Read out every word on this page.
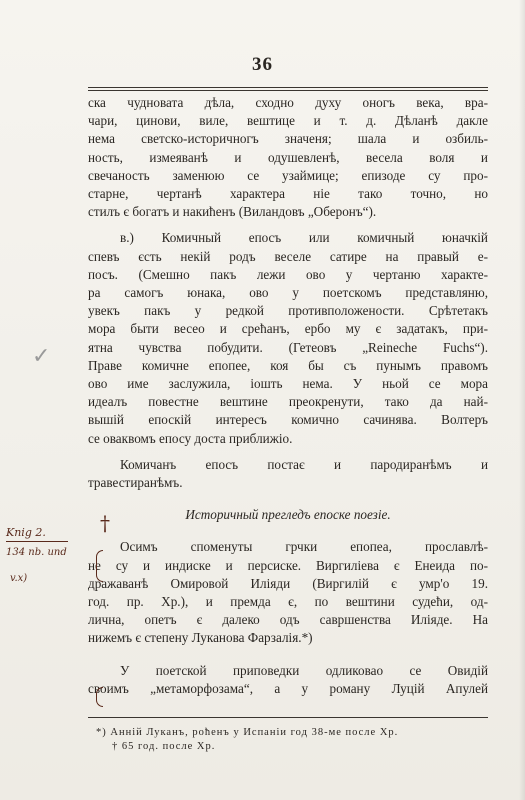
36

ска чудновата дѣла, сходно духу оногъ века, вра-
чари, цинови, виле, вештице и т. д. Дѣланѣ дакле
нема светско-историчногъ значеня; шала и озбиль-
ность, измеяванѣ и одушевленѣ, весела воля и
свечаность заменюю се узаймице; епизоде су про-
старне, чертанѣ характера ніе тако точно, но
стилъ є богатъ и накићенъ (Виландовъ „Оберонъ“).

в.) Комичный епосъ или комичный юначкій
спевъ єсть некій родъ веселе сатире на правый е-
посъ. (Смешно пакъ лежи ово у чертаню характе-
ра самогъ юнака, ово у поетскомъ представляню,
увекъ пакъ у редкой противположености. Срѣтетакъ
мора быти весео и срећанъ, ербо му є задатакъ, при-
ятна чувства побудити. (Гетеовъ „Reineche Fuchs“).
Праве комичне епопее, коя бы съ пунымъ правомъ
ово име заслужила, іошть нема. У ньой се мора
идеалъ повестне вештине преокренути, тако да най-
вышій епоскій интересъ комично сачинява. Волтеръ
се оваквомъ епосу доста приближіо.

Комичанъ епосъ постає и пародиранѣмъ и
травестиранѣмъ.

Историчный прегледъ епоске поезіе.

Осимъ споменуты грчки епопеа, прославлѣ-
не су и индиске и персиске. Виргиліева є Енеида по-
дражаванѣ Омировой Иліяди (Виргилій є умр'о 19.
год. пр. Хр.), и премда є, по вештини судећи, од-
лична, опетъ є далеко одъ савршенства Иліяде. На
нижемъ є степену Луканова Фарзалія.*)

У поетской приповедки одликовао се Овидій
своимъ „метаморфозама“, а у роману Луцій Апулей

*) Анній Луканъ, роћенъ у Испаніи год 38-ме после Хр.
† 65 год. после Хр.
Knig 2.
134 nb. und
v.x)
✓
†
